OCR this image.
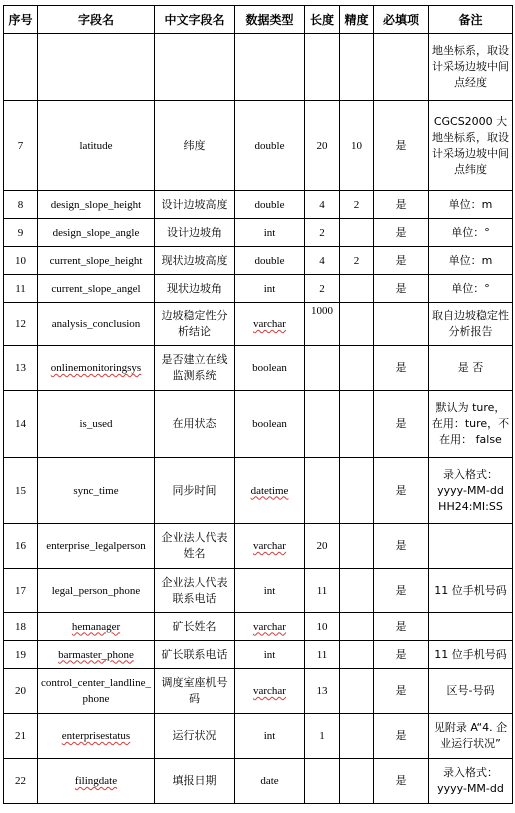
序号	字段名	中文字段名	数据类型	长度	精度	必填项	备注
							地坐标系，取设计采场边坡中间点经度
7	latitude	纬度	double	20	10	是	CGCS2000 大地坐标系，取设计采场边坡中间点纬度
8	design_slope_height	设计边坡高度	double	4	2	是	单位：m
9	design_slope_angle	设计边坡角	int	2		是	单位：°
10	current_slope_height	现状边坡高度	double	4	2	是	单位：m
11	current_slope_angel	现状边坡角	int	2		是	单位：°
12	analysis_conclusion	边坡稳定性分析结论	varchar	1000			取自边坡稳定性分析报告
13	onlinemonitoringsys	是否建立在线监测系统	boolean			是	是 否
14	is_used	在用状态	boolean			是	默认为 ture，在用：ture，不在用： false
15	sync_time	同步时间	datetime			是	录入格式：yyyy-MM-dd HH24:MI:SS
16	enterprise_legalperson	企业法人代表姓名	varchar	20		是	
17	legal_person_phone	企业法人代表联系电话	int	11		是	11 位手机号码
18	hemanager	矿长姓名	varchar	10		是	
19	barmaster_phone	矿长联系电话	int	11		是	11 位手机号码
20	control_center_landline_phone	调度室座机号码	varchar	13		是	区号-号码
21	enterprisestatus	运行状况	int	1		是	见附录 A“4. 企业运行状况”
22	filingdate	填报日期	date			是	录入格式：yyyy-MM-dd
